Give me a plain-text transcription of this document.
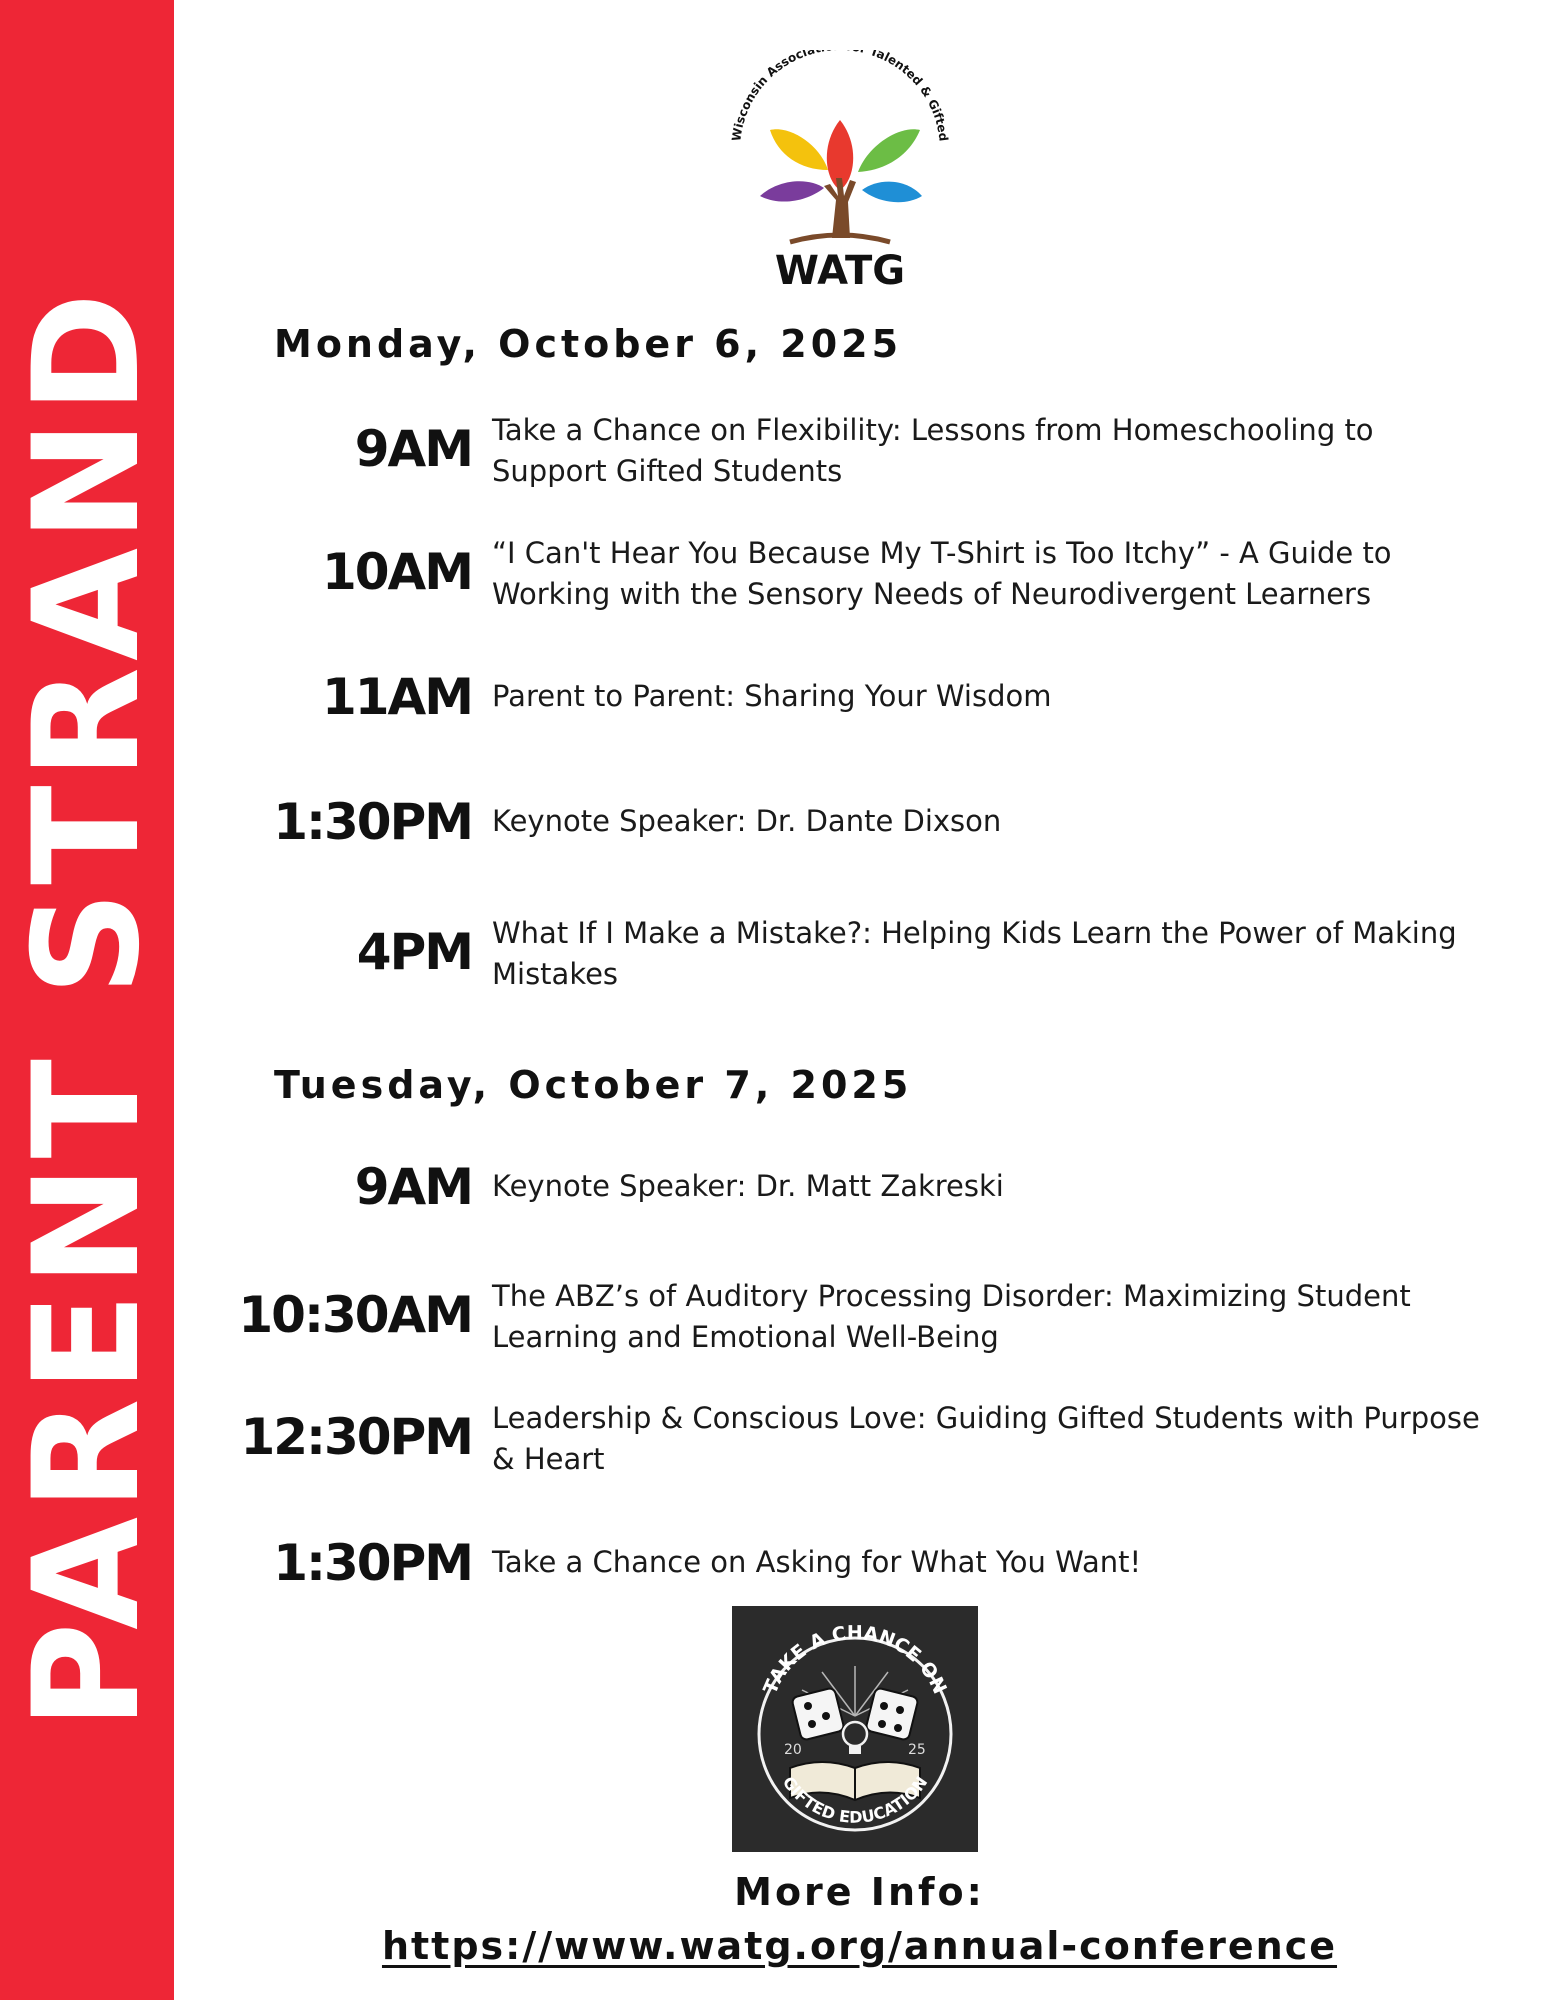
PARENT STRAND
Wisconsin Associa Talented & Gifted
WATG
Monday, October 6, 2025
9AM Take a Chance on Flexibility: Lessons from Homeschooling to Support Gifted Students
10AM “I Can't Hear You Because My T-Shirt is Too Itchy” - A Guide to Working with the Sensory Needs of Neurodivergent Learners
11AM Parent to Parent: Sharing Your Wisdom
1:30PM Keynote Speaker: Dr. Dante Dixson
4PM What If I Make a Mistake?: Helping Kids Learn the Power of Making Mistakes
Tuesday, October 7, 2025
9AM Keynote Speaker: Dr. Matt Zakreski
10:30AM The ABZ’s of Auditory Processing Disorder: Maximizing Student Learning and Emotional Well-Being
12:30PM Leadership & Conscious Love: Guiding Gifted Students with Purpose & Heart
1:30PM Take a Chance on Asking for What You Want!
TAKE A CHANCE ON
20	25
GIFTED EDUCATION
More Info:
https://www.watg.org/annual-conference
